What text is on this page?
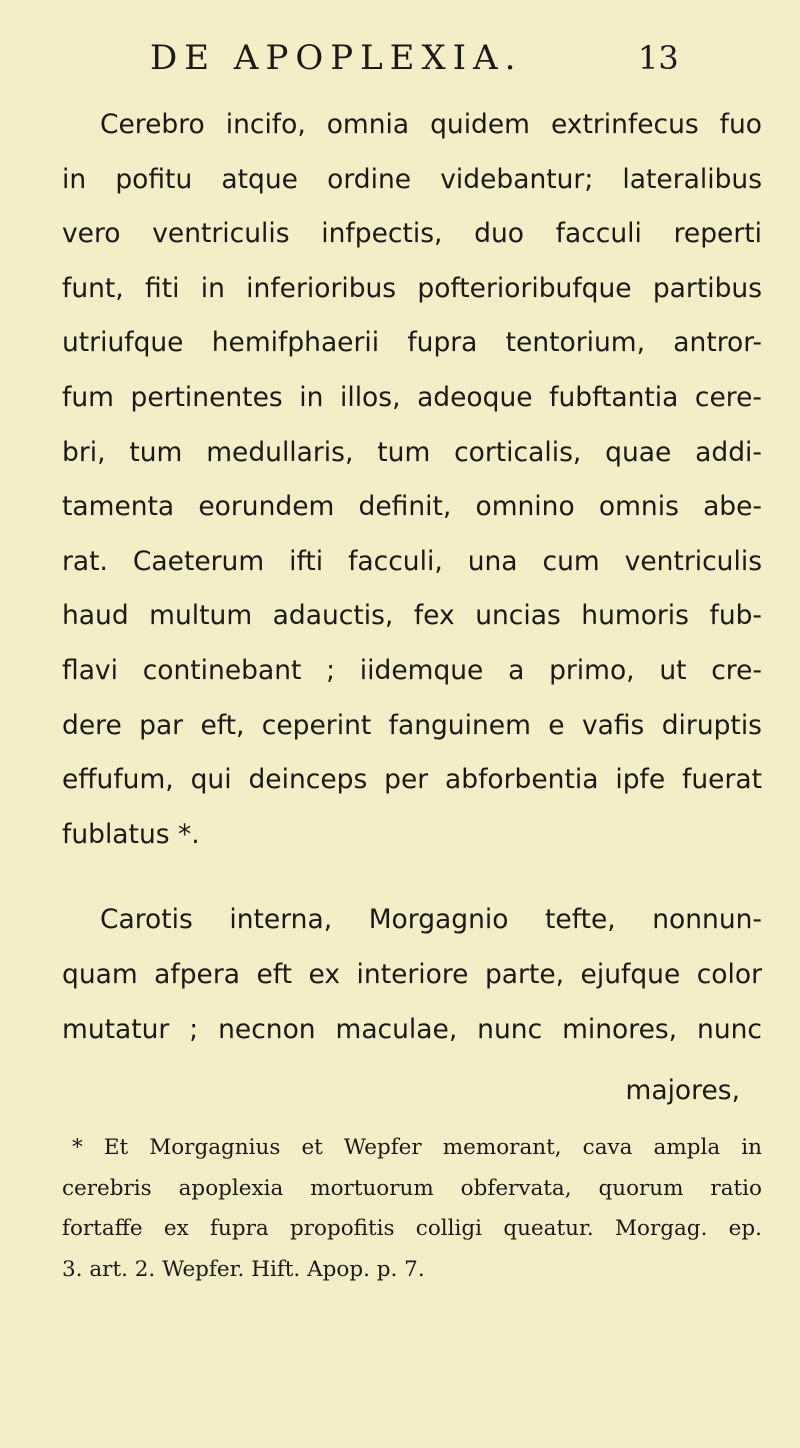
DE APOPLEXIA.	13
Cerebro incifo, omnia quidem extrinfecus fuo
in pofitu atque ordine videbantur; lateralibus
vero ventriculis infpectis, duo facculi reperti
funt, fiti in inferioribus pofterioribufque partibus
utriufque hemifphaerii fupra tentorium, antror-
fum pertinentes in illos, adeoque fubftantia cere-
bri, tum medullaris, tum corticalis, quae addi-
tamenta eorundem definit, omnino omnis abe-
rat. Caeterum ifti facculi, una cum ventriculis
haud multum adauctis, fex uncias humoris fub-
flavi continebant ; iidemque a primo, ut cre-
dere par eft, ceperint fanguinem e vafis diruptis
effufum, qui deinceps per abforbentia ipfe fuerat
fublatus *.
Carotis interna, Morgagnio tefte, nonnun-
quam afpera eft ex interiore parte, ejufque color
mutatur ; necnon maculae, nunc minores, nunc
majores,
* Et Morgagnius et Wepfer memorant, cava ampla in
cerebris apoplexia mortuorum obfervata, quorum ratio
fortaffe ex fupra propofitis colligi queatur. Morgag. ep.
3. art. 2. Wepfer. Hift. Apop. p. 7.
